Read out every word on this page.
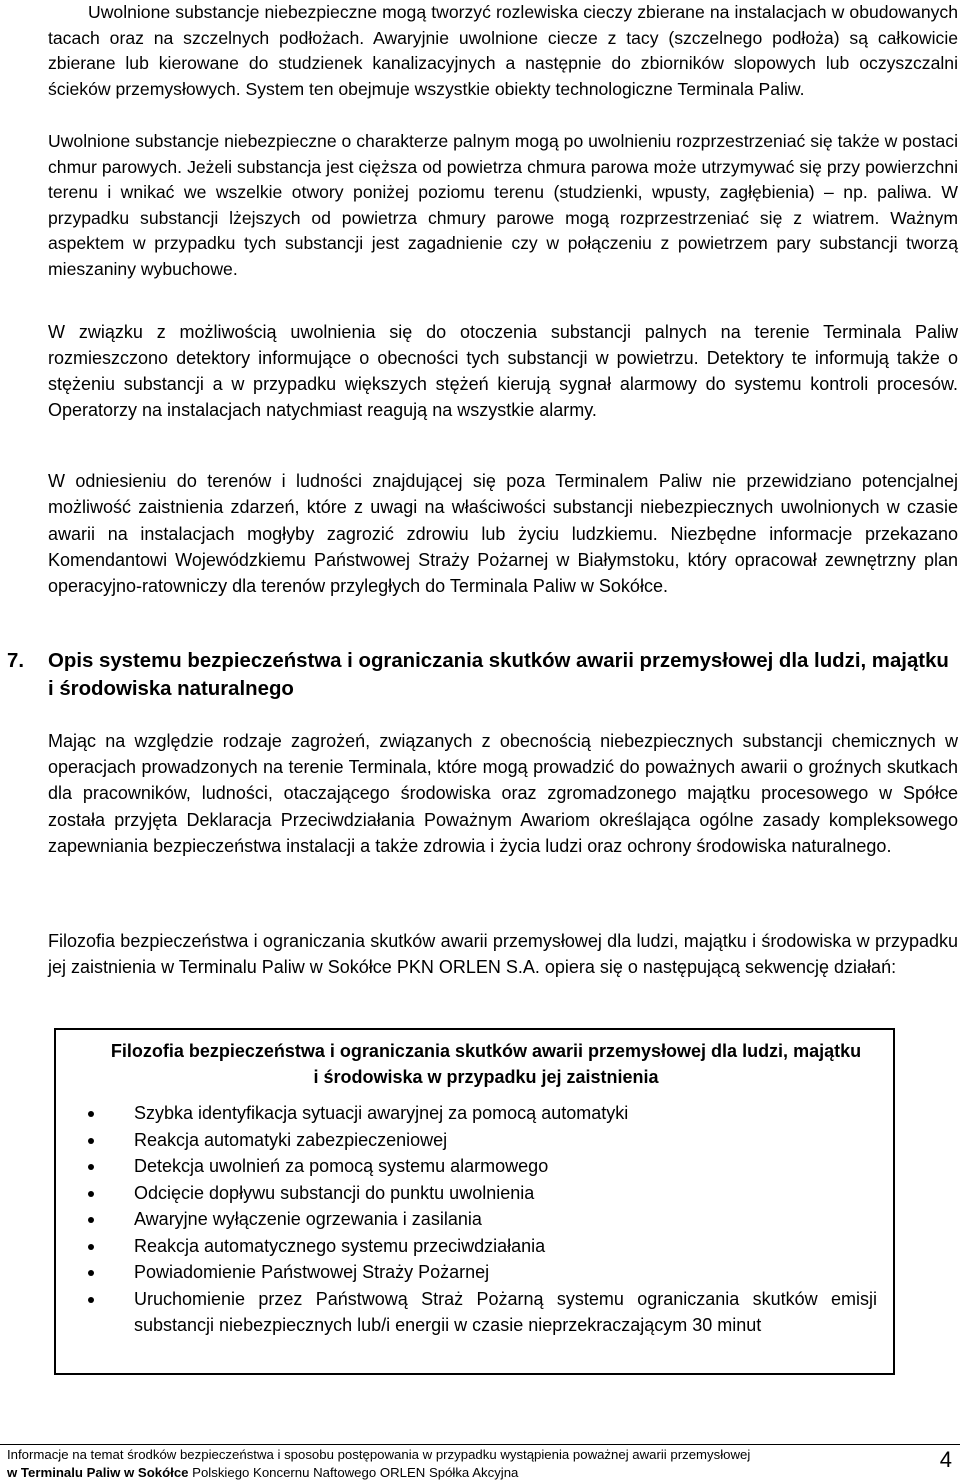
Uwolnione substancje niebezpieczne mogą tworzyć rozlewiska cieczy zbierane na instalacjach w obudowanych tacach oraz na szczelnych podłożach. Awaryjnie uwolnione ciecze z tacy (szczelnego podłoża) są całkowicie zbierane lub kierowane do studzienek kanalizacyjnych a następnie do zbiorników slopowych lub oczyszczalni ścieków przemysłowych. System ten obejmuje wszystkie obiekty technologiczne Terminala Paliw.

Uwolnione substancje niebezpieczne o charakterze palnym mogą po uwolnieniu rozprzestrzeniać się także w postaci chmur parowych. Jeżeli substancja jest cięższa od powietrza chmura parowa może utrzymywać się przy powierzchni terenu i wnikać we wszelkie otwory poniżej poziomu terenu (studzienki, wpusty, zagłębienia) – np. paliwa. W przypadku substancji lżejszych od powietrza chmury parowe mogą rozprzestrzeniać się z wiatrem. Ważnym aspektem w przypadku tych substancji jest zagadnienie czy w połączeniu z powietrzem pary substancji tworzą mieszaniny wybuchowe.

W związku z możliwością uwolnienia się do otoczenia substancji palnych na terenie Terminala Paliw rozmieszczono detektory informujące o obecności tych substancji w powietrzu. Detektory te informują także o stężeniu substancji a w przypadku większych stężeń kierują sygnał alarmowy do systemu kontroli procesów. Operatorzy na instalacjach natychmiast reagują na wszystkie alarmy.

W odniesieniu do terenów i ludności znajdującej się poza Terminalem Paliw nie przewidziano potencjalnej możliwość zaistnienia zdarzeń, które z uwagi na właściwości substancji niebezpiecznych uwolnionych w czasie awarii na instalacjach mogłyby zagrozić zdrowiu lub życiu ludzkiemu. Niezbędne informacje przekazano Komendantowi Wojewódzkiemu Państwowej Straży Pożarnej w Białymstoku, który opracował zewnętrzny plan operacyjno-ratowniczy dla terenów przyległych do Terminala Paliw w Sokółce.

7. Opis systemu bezpieczeństwa i ograniczania skutków awarii przemysłowej dla ludzi, majątku i środowiska naturalnego

Mając na względzie rodzaje zagrożeń, związanych z obecnością niebezpiecznych substancji chemicznych w operacjach prowadzonych na terenie Terminala, które mogą prowadzić do poważnych awarii o groźnych skutkach dla pracowników, ludności, otaczającego środowiska oraz zgromadzonego majątku procesowego w Spółce została przyjęta Deklaracja Przeciwdziałania Poważnym Awariom określająca ogólne zasady kompleksowego zapewniania bezpieczeństwa instalacji a także zdrowia i życia ludzi oraz ochrony środowiska naturalnego.

Filozofia bezpieczeństwa i ograniczania skutków awarii przemysłowej dla ludzi, majątku i środowiska w przypadku jej zaistnienia w Terminalu Paliw w Sokółce PKN ORLEN S.A. opiera się o następującą sekwencję działań:

Filozofia bezpieczeństwa i ograniczania skutków awarii przemysłowej dla ludzi, majątku i środowiska w przypadku jej zaistnienia

Szybka identyfikacja sytuacji awaryjnej za pomocą automatyki
Reakcja automatyki zabezpieczeniowej
Detekcja uwolnień za pomocą systemu alarmowego
Odcięcie dopływu substancji do punktu uwolnienia
Awaryjne wyłączenie ogrzewania i zasilania
Reakcja automatycznego systemu przeciwdziałania
Powiadomienie Państwowej Straży Pożarnej
Uruchomienie przez Państwową Straż Pożarną systemu ograniczania skutków emisji substancji niebezpiecznych lub/i energii w czasie nieprzekraczającym 30 minut
Informacje na temat środków bezpieczeństwa i sposobu postępowania w przypadku wystąpienia poważnej awarii przemysłowej
w Terminalu Paliw w Sokółce Polskiego Koncernu Naftowego ORLEN Spółka Akcyjna
4
